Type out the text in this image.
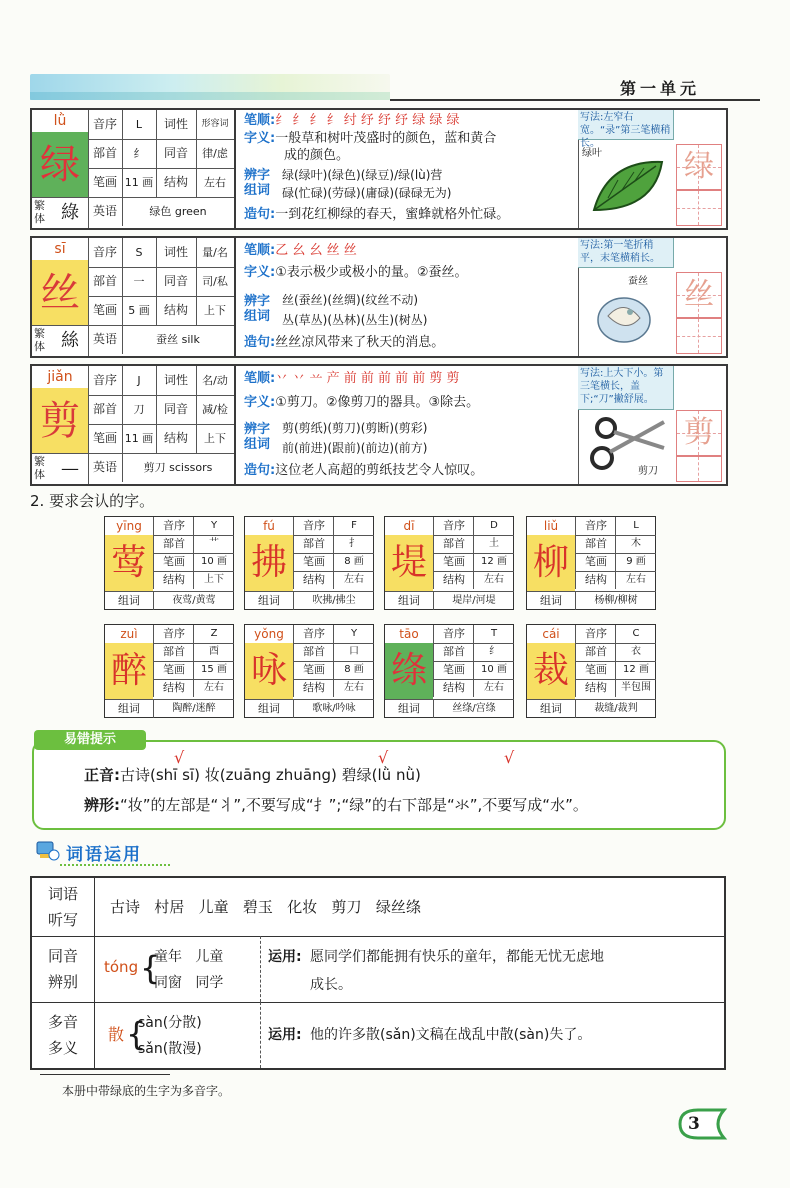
第一单元
lǜ
绿
繁体 綠
音序	L	词性	形容词
部首	纟	同音	律/虑
笔画 11 画 结构	左右
英语	绿色 green
笔顺:纟 纟 纟 纟 纣 纾 纾 纾 绿 绿 绿
字义:一般草和树叶茂盛时的颜色，蓝和黄合
成的颜色。
辨字
组词
绿(绿叶)(绿色)(绿豆)/绿(lù)营
碌(忙碌)(劳碌)(庸碌)(碌碌无为)
造句:一到花红柳绿的春天，蜜蜂就格外忙碌。
写法:左窄右宽。“录”第三笔横稍长。
绿叶	绿
sī
丝
繁体 絲
音序	S	词性	量/名
部首	一	同音	司/私
笔画	5 画	结构	上下
英语	蚕丝 silk
笔顺:乙 幺 幺 丝 丝
字义:①表示极少或极小的量。②蚕丝。
辨字
组词
丝(蚕丝)(丝绸)(纹丝不动)
丛(草丛)(丛林)(丛生)(树丛)
造句:丝丝凉风带来了秋天的消息。
写法:第一笔折稍平，末笔横稍长。
蚕丝 丝
jiǎn
剪
繁体 —
音序	J	词性	名/动
部首	刀	同音	减/检
笔画 11 画 结构	上下
英语	剪刀 scissors
笔顺:丷 丷 䒑 产 前 前 前 前 前 剪 剪
字义:①剪刀。②像剪刀的器具。③除去。
辨字
组词
剪(剪纸)(剪刀)(剪断)(剪彩)
前(前进)(跟前)(前边)(前方)
造句:这位老人高超的剪纸技艺令人惊叹。
写法:上大下小。第三笔横长，盖下;“刀”撇舒展。
剪刀
剪
2. 要求会认的字。
yīng
莺
音序	Y
部首	艹
笔画	10 画
结构	上下
组词	夜莺/黄莺
fú
拂
音序	F
部首	扌
笔画	8 画
结构	左右
组词	吹拂/拂尘
dī
堤
音序	D
部首	土
笔画	12 画
结构	左右
组词	堤岸/河堤
liǔ
柳
音序	L
部首	木
笔画	9 画
结构	左右
组词	杨柳/柳树
zuì
醉
音序	Z
部首	酉
笔画	15 画
结构	左右
组词	陶醉/迷醉
yǒng
咏
音序	Y
部首	口
笔画	8 画
结构	左右
组词	歌咏/吟咏
tāo
绦
音序	T
部首	纟
笔画	10 画
结构	左右
组词	丝绦/宫绦
cái
裁
音序	C
部首	衣
笔画	12 画
结构	半包围
组词	裁缝/裁判
正音:古诗(shī sī) 妆(zuāng zhuāng) 碧绿(lǜ nǜ)
√	√	√
辨形:“妆”的左部是“丬”,不要写成“扌”;“绿”的右下部是“氺”,不要写成“水”。
易错提示
词语运用
词语
听写
古诗   村居   儿童   碧玉   化妆   剪刀   绿丝绦
同音
辨别
tóng {
童年   儿童
同窗   同学
运用: 愿同学们都能拥有快乐的童年，都能无忧无虑地
成长。
多音
多义
散 {
sàn(分散)
sǎn(散漫)
运用: 他的许多散(sǎn)文稿在战乱中散(sàn)失了。
本册中带绿底的生字为多音字。
3
